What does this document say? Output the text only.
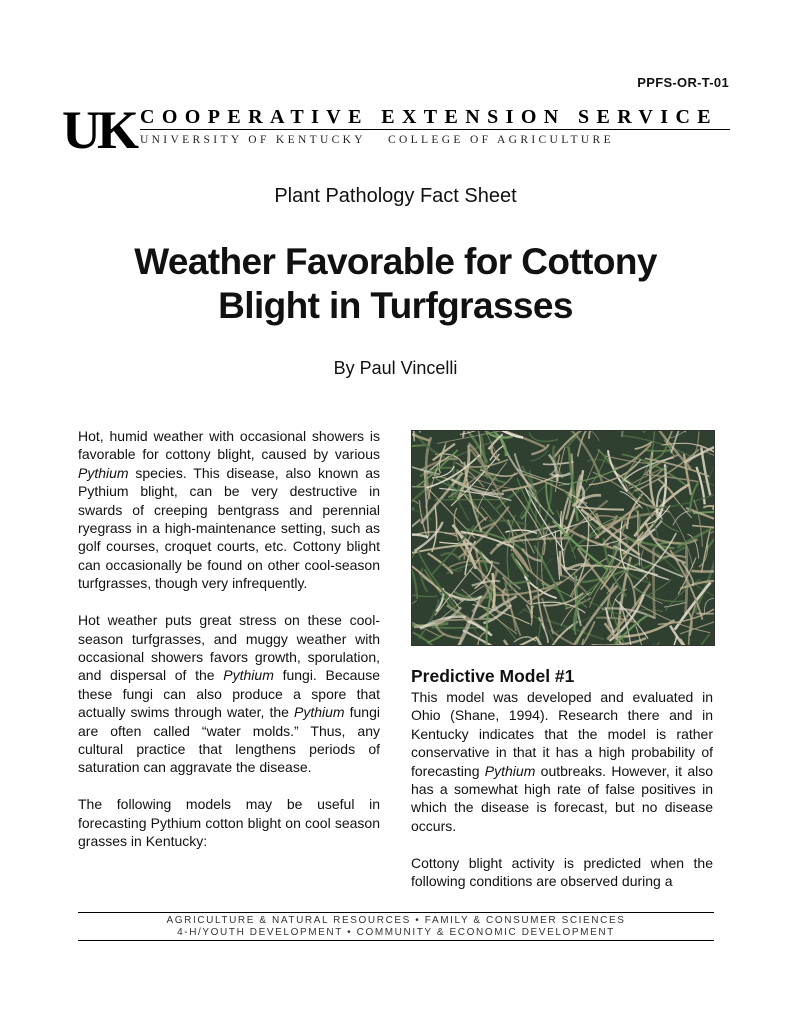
PPFS-OR-T-01
UK COOPERATIVE EXTENSION SERVICE
UNIVERSITY OF KENTUCKY COLLEGE OF AGRICULTURE
Plant Pathology Fact Sheet
Weather Favorable for Cottony
Blight in Turfgrasses
By Paul Vincelli

Hot, humid weather with occasional showers is favorable for cottony blight, caused by various Pythium species. This disease, also known as Pythium blight, can be very destructive in swards of creeping bentgrass and perennial ryegrass in a high-maintenance setting, such as golf courses, croquet courts, etc. Cottony blight can occasionally be found on other cool-season turfgrasses, though very infrequently.

Hot weather puts great stress on these cool-season turfgrasses, and muggy weather with occasional showers favors growth, sporulation, and dispersal of the Pythium fungi. Because these fungi can also produce a spore that actually swims through water, the Pythium fungi are often called “water molds.” Thus, any cultural practice that lengthens periods of saturation can aggravate the disease.

The following models may be useful in forecasting Pythium cotton blight on cool season grasses in Kentucky:

Predictive Model #1

This model was developed and evaluated in Ohio (Shane, 1994). Research there and in Kentucky indicates that the model is rather conservative in that it has a high probability of forecasting Pythium outbreaks. However, it also has a somewhat high rate of false positives in which the disease is forecast, but no disease occurs.

Cottony blight activity is predicted when the following conditions are observed during a

AGRICULTURE & NATURAL RESOURCES • FAMILY & CONSUMER SCIENCES
4-H/YOUTH DEVELOPMENT • COMMUNITY & ECONOMIC DEVELOPMENT
